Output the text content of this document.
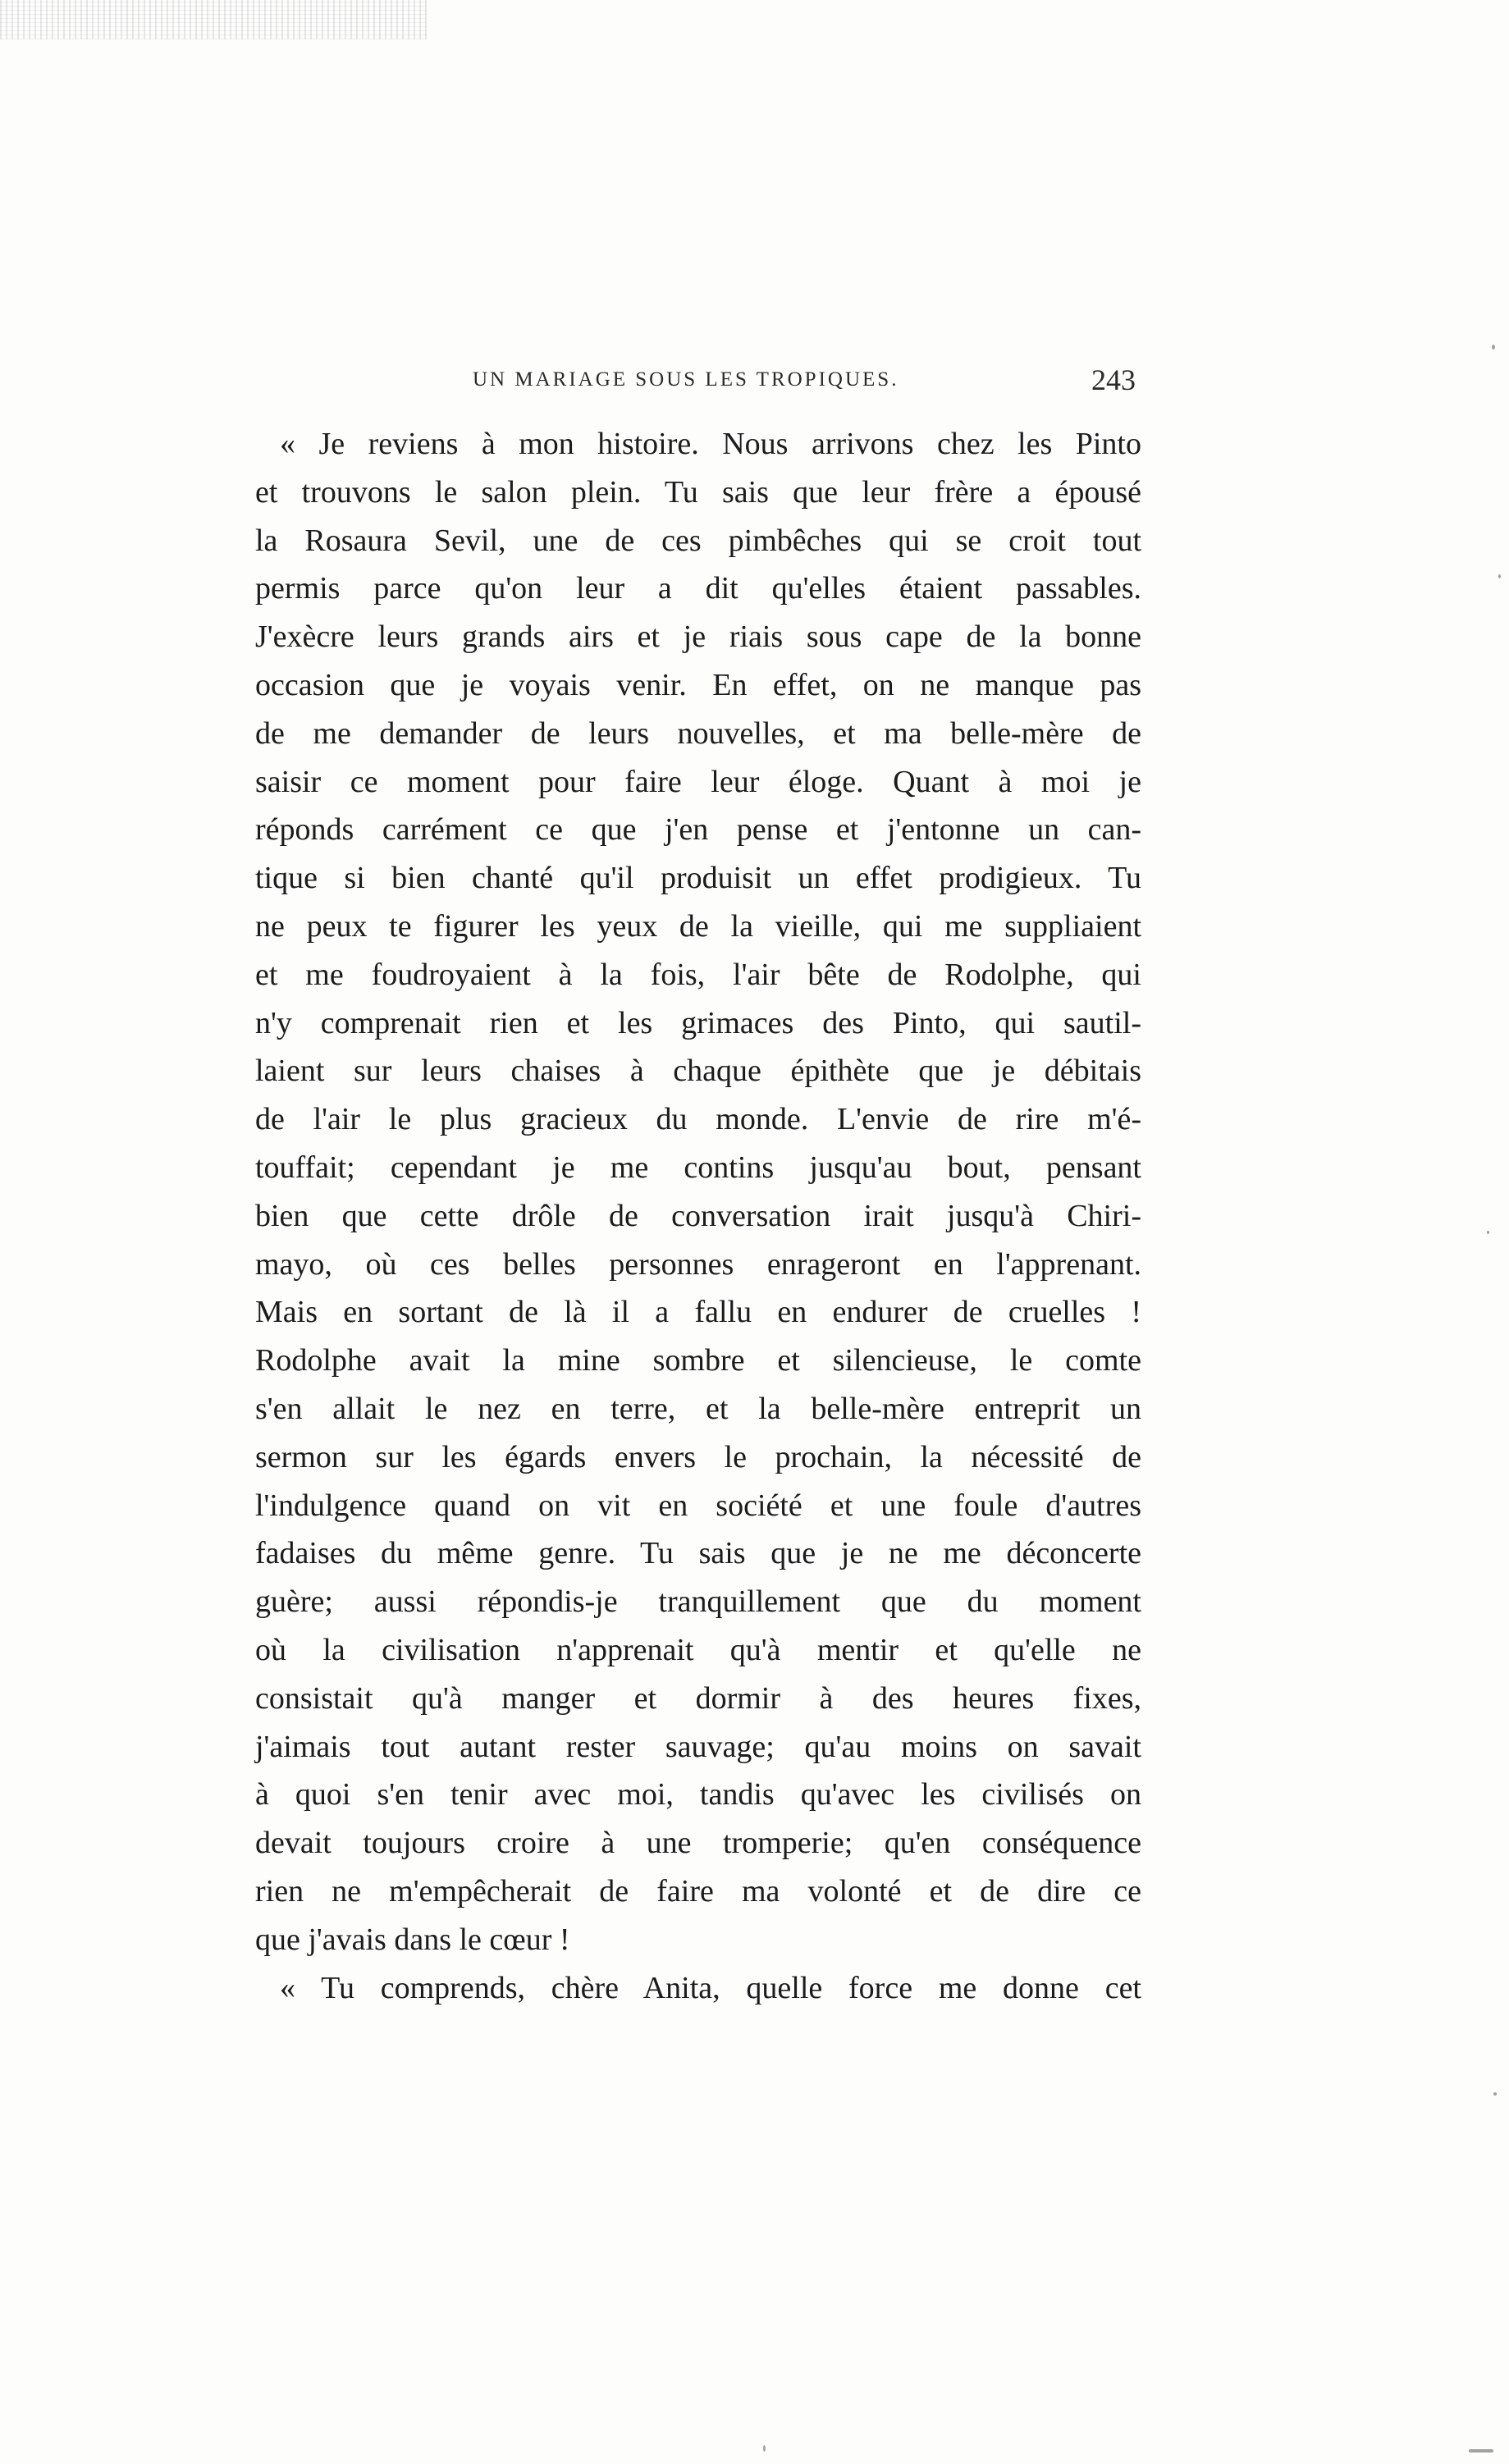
UN MARIAGE SOUS LES TROPIQUES.	243
« Je reviens à mon histoire. Nous arrivons chez les Pinto
et trouvons le salon plein. Tu sais que leur frère a épousé
la Rosaura Sevil, une de ces pimbêches qui se croit tout
permis parce qu'on leur a dit qu'elles étaient passables.
J'exècre leurs grands airs et je riais sous cape de la bonne
occasion que je voyais venir. En effet, on ne manque pas
de me demander de leurs nouvelles, et ma belle-mère de
saisir ce moment pour faire leur éloge. Quant à moi je
réponds carrément ce que j'en pense et j'entonne un can-
tique si bien chanté qu'il produisit un effet prodigieux. Tu
ne peux te figurer les yeux de la vieille, qui me suppliaient
et me foudroyaient à la fois, l'air bête de Rodolphe, qui
n'y comprenait rien et les grimaces des Pinto, qui sautil-
laient sur leurs chaises à chaque épithète que je débitais
de l'air le plus gracieux du monde. L'envie de rire m'é-
touffait; cependant je me contins jusqu'au bout, pensant
bien que cette drôle de conversation irait jusqu'à Chiri-
mayo, où ces belles personnes enrageront en l'apprenant.
Mais en sortant de là il a fallu en endurer de cruelles !
Rodolphe avait la mine sombre et silencieuse, le comte
s'en allait le nez en terre, et la belle-mère entreprit un
sermon sur les égards envers le prochain, la nécessité de
l'indulgence quand on vit en société et une foule d'autres
fadaises du même genre. Tu sais que je ne me déconcerte
guère; aussi répondis-je tranquillement que du moment
où la civilisation n'apprenait qu'à mentir et qu'elle ne
consistait qu'à manger et dormir à des heures fixes,
j'aimais tout autant rester sauvage; qu'au moins on savait
à quoi s'en tenir avec moi, tandis qu'avec les civilisés on
devait toujours croire à une tromperie; qu'en conséquence
rien ne m'empêcherait de faire ma volonté et de dire ce
que j'avais dans le cœur !
« Tu comprends, chère Anita, quelle force me donne cet
